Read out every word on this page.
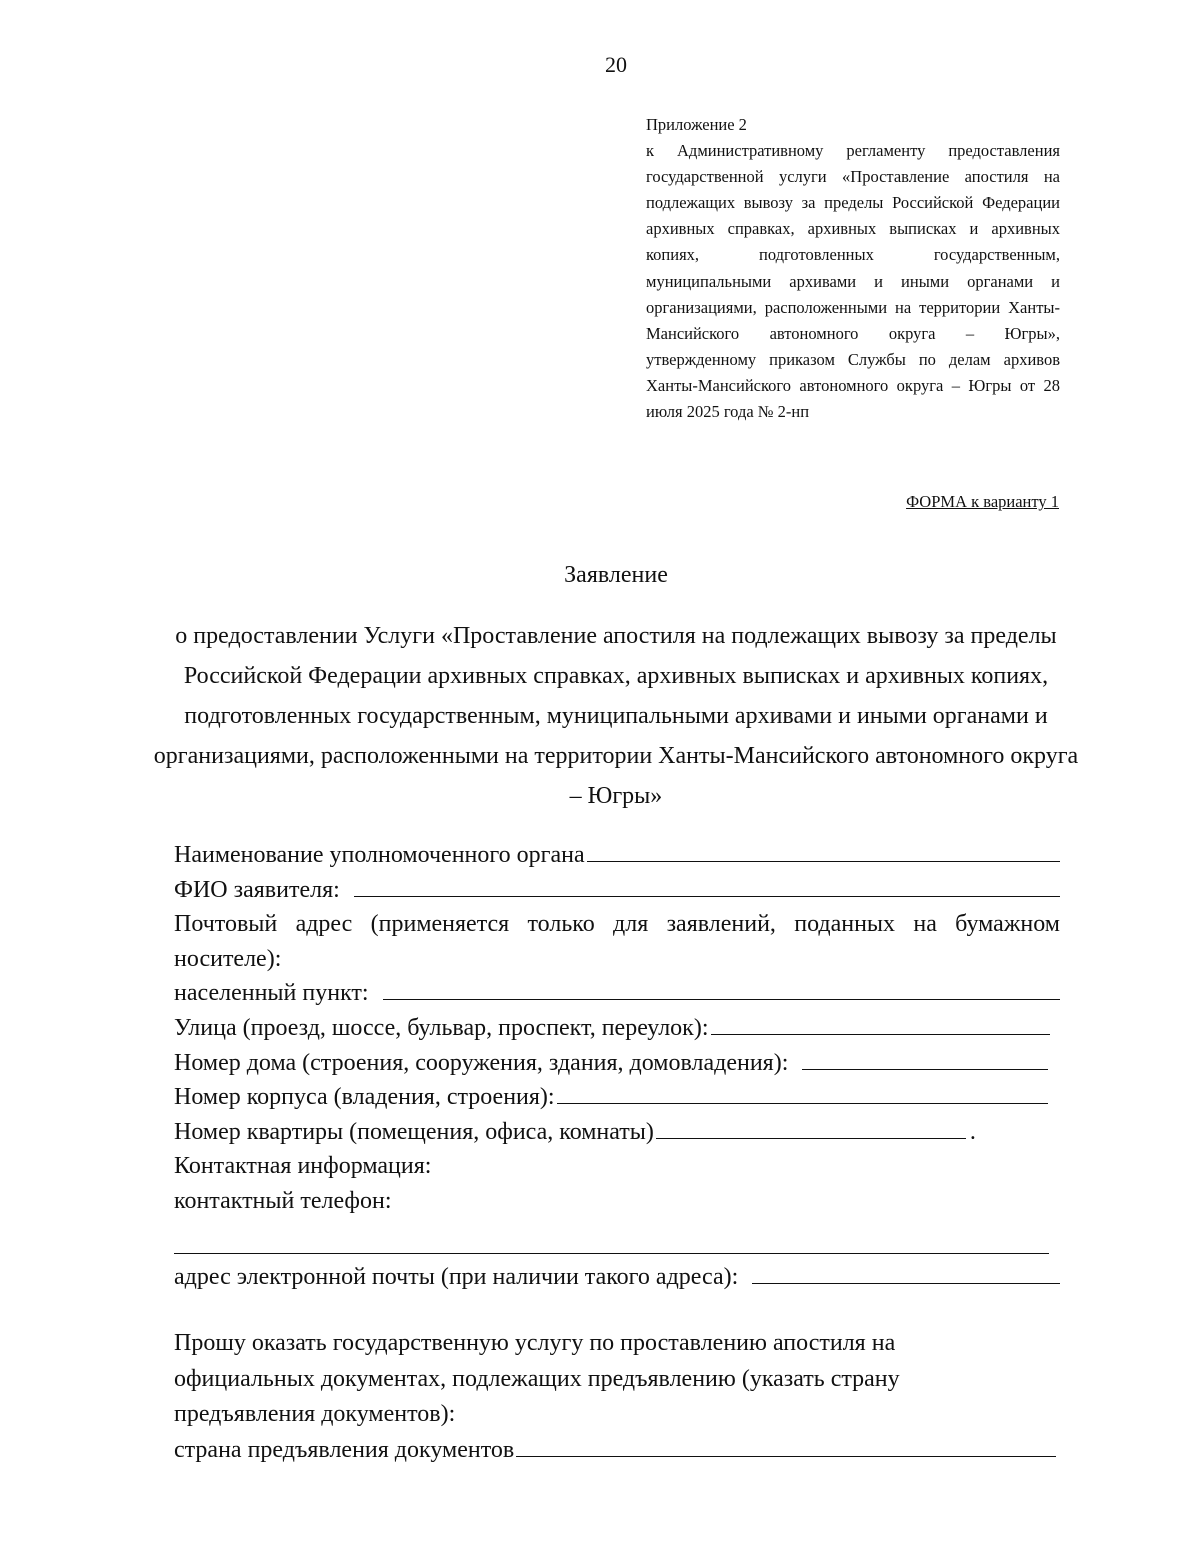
20
Приложение 2
к Административному регламенту предоставления государственной услуги «Проставление апостиля на подлежащих вывозу за пределы Российской Федерации архивных справках, архивных выписках и архивных копиях, подготовленных государственным, муниципальными архивами и иными органами и организациями, расположенными на территории Ханты-Мансийского автономного округа – Югры», утвержденному приказом Службы по делам архивов Ханты-Мансийского автономного округа – Югры от 28 июля 2025 года № 2-нп
ФОРМА к варианту 1
Заявление
о предоставлении Услуги «Проставление апостиля на подлежащих вывозу за пределы Российской Федерации архивных справках, архивных выписках и архивных копиях, подготовленных государственным, муниципальными архивами и иными органами и организациями, расположенными на территории Ханты-Мансийского автономного округа – Югры»
Наименование уполномоченного органа
ФИО заявителя:
Почтовый адрес (применяется только для заявлений, поданных на бумажном носителе):
населенный пункт:
Улица (проезд, шоссе, бульвар, проспект, переулок):
Номер дома (строения, сооружения, здания, домовладения):
Номер корпуса (владения, строения):
Номер квартиры (помещения, офиса, комнаты)	.
Контактная информация:
контактный телефон:
адрес электронной почты (при наличии такого адреса):
Прошу оказать государственную услугу по проставлению апостиля на официальных документах, подлежащих предъявлению (указать страну предъявления документов):
страна предъявления документов
